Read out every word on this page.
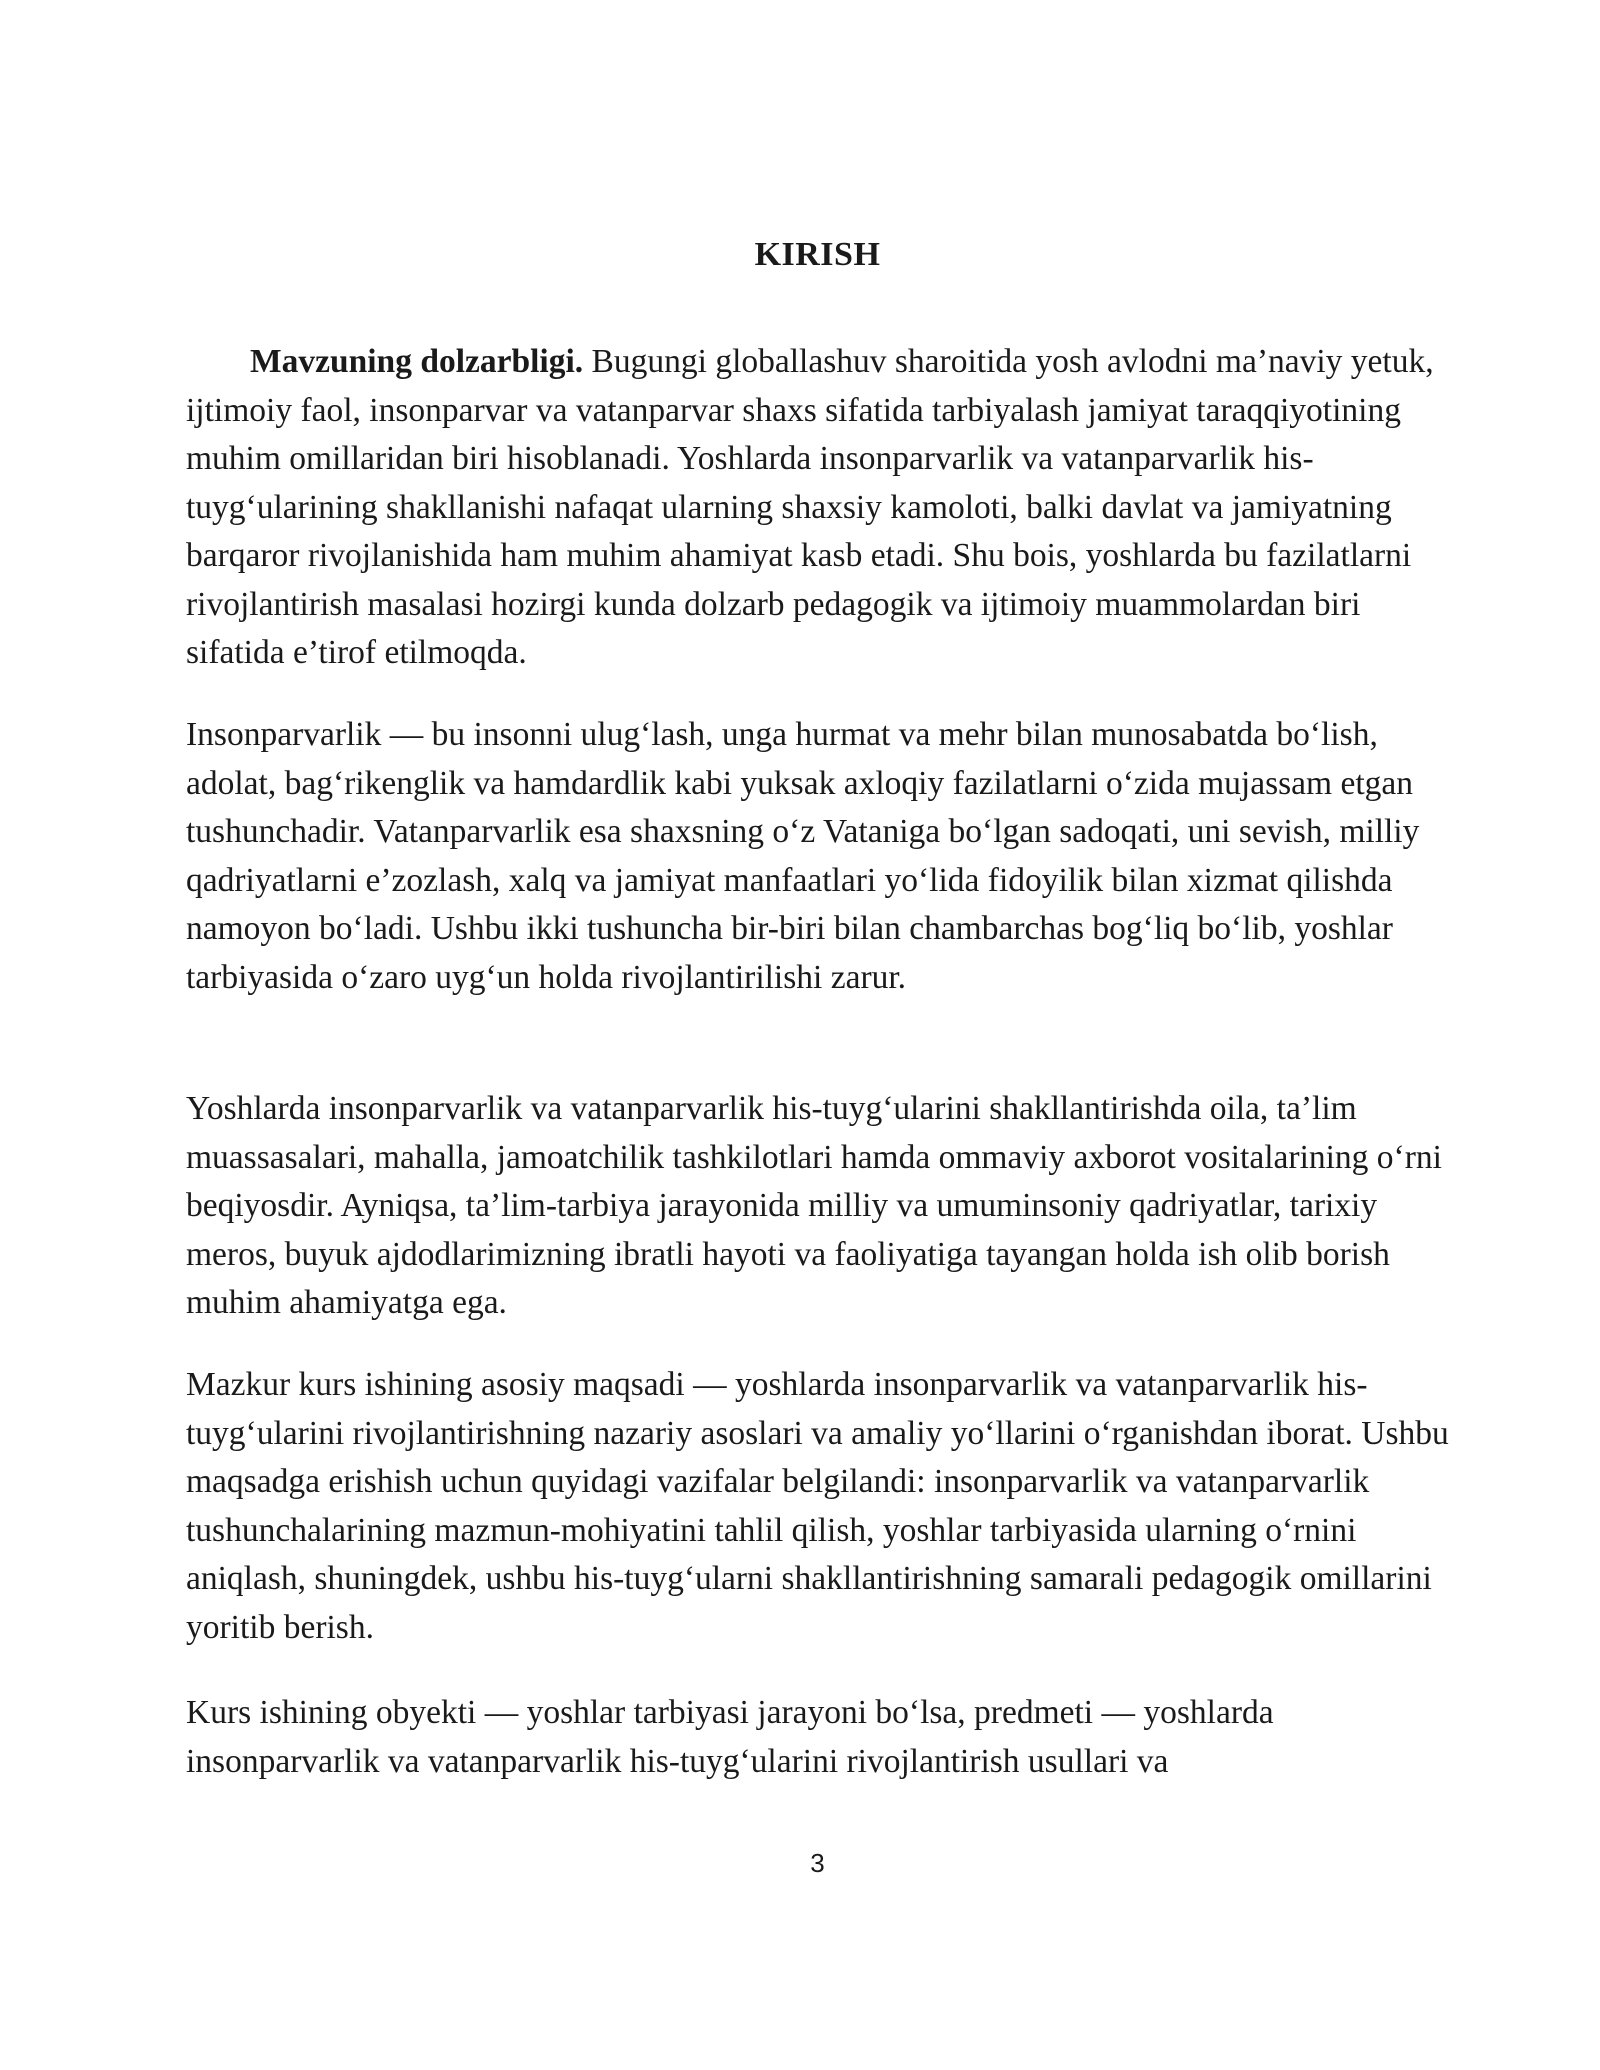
KIRISH

Mavzuning dolzarbligi. Bugungi globallashuv sharoitida yosh avlodni ma’naviy yetuk, ijtimoiy faol, insonparvar va vatanparvar shaxs sifatida tarbiyalash jamiyat taraqqiyotining muhim omillaridan biri hisoblanadi. Yoshlarda insonparvarlik va vatanparvarlik his-tuyg‘ularining shakllanishi nafaqat ularning shaxsiy kamoloti, balki davlat va jamiyatning barqaror rivojlanishida ham muhim ahamiyat kasb etadi. Shu bois, yoshlarda bu fazilatlarni rivojlantirish masalasi hozirgi kunda dolzarb pedagogik va ijtimoiy muammolardan biri sifatida e’tirof etilmoqda.

Insonparvarlik — bu insonni ulug‘lash, unga hurmat va mehr bilan munosabatda bo‘lish, adolat, bag‘rikenglik va hamdardlik kabi yuksak axloqiy fazilatlarni o‘zida mujassam etgan tushunchadir. Vatanparvarlik esa shaxsning o‘z Vataniga bo‘lgan sadoqati, uni sevish, milliy qadriyatlarni e’zozlash, xalq va jamiyat manfaatlari yo‘lida fidoyilik bilan xizmat qilishda namoyon bo‘ladi. Ushbu ikki tushuncha bir-biri bilan chambarchas bog‘liq bo‘lib, yoshlar tarbiyasida o‘zaro uyg‘un holda rivojlantirilishi zarur.

Yoshlarda insonparvarlik va vatanparvarlik his-tuyg‘ularini shakllantirishda oila, ta’lim muassasalari, mahalla, jamoatchilik tashkilotlari hamda ommaviy axborot vositalarining o‘rni beqiyosdir. Ayniqsa, ta’lim-tarbiya jarayonida milliy va umuminsoniy qadriyatlar, tarixiy meros, buyuk ajdodlarimizning ibratli hayoti va faoliyatiga tayangan holda ish olib borish muhim ahamiyatga ega.

Mazkur kurs ishining asosiy maqsadi — yoshlarda insonparvarlik va vatanparvarlik his-tuyg‘ularini rivojlantirishning nazariy asoslari va amaliy yo‘llarini o‘rganishdan iborat. Ushbu maqsadga erishish uchun quyidagi vazifalar belgilandi: insonparvarlik va vatanparvarlik tushunchalarining mazmun-mohiyatini tahlil qilish, yoshlar tarbiyasida ularning o‘rnini aniqlash, shuningdek, ushbu his-tuyg‘ularni shakllantirishning samarali pedagogik omillarini yoritib berish.

Kurs ishining obyekti — yoshlar tarbiyasi jarayoni bo‘lsa, predmeti — yoshlarda insonparvarlik va vatanparvarlik his-tuyg‘ularini rivojlantirish usullari va

3
